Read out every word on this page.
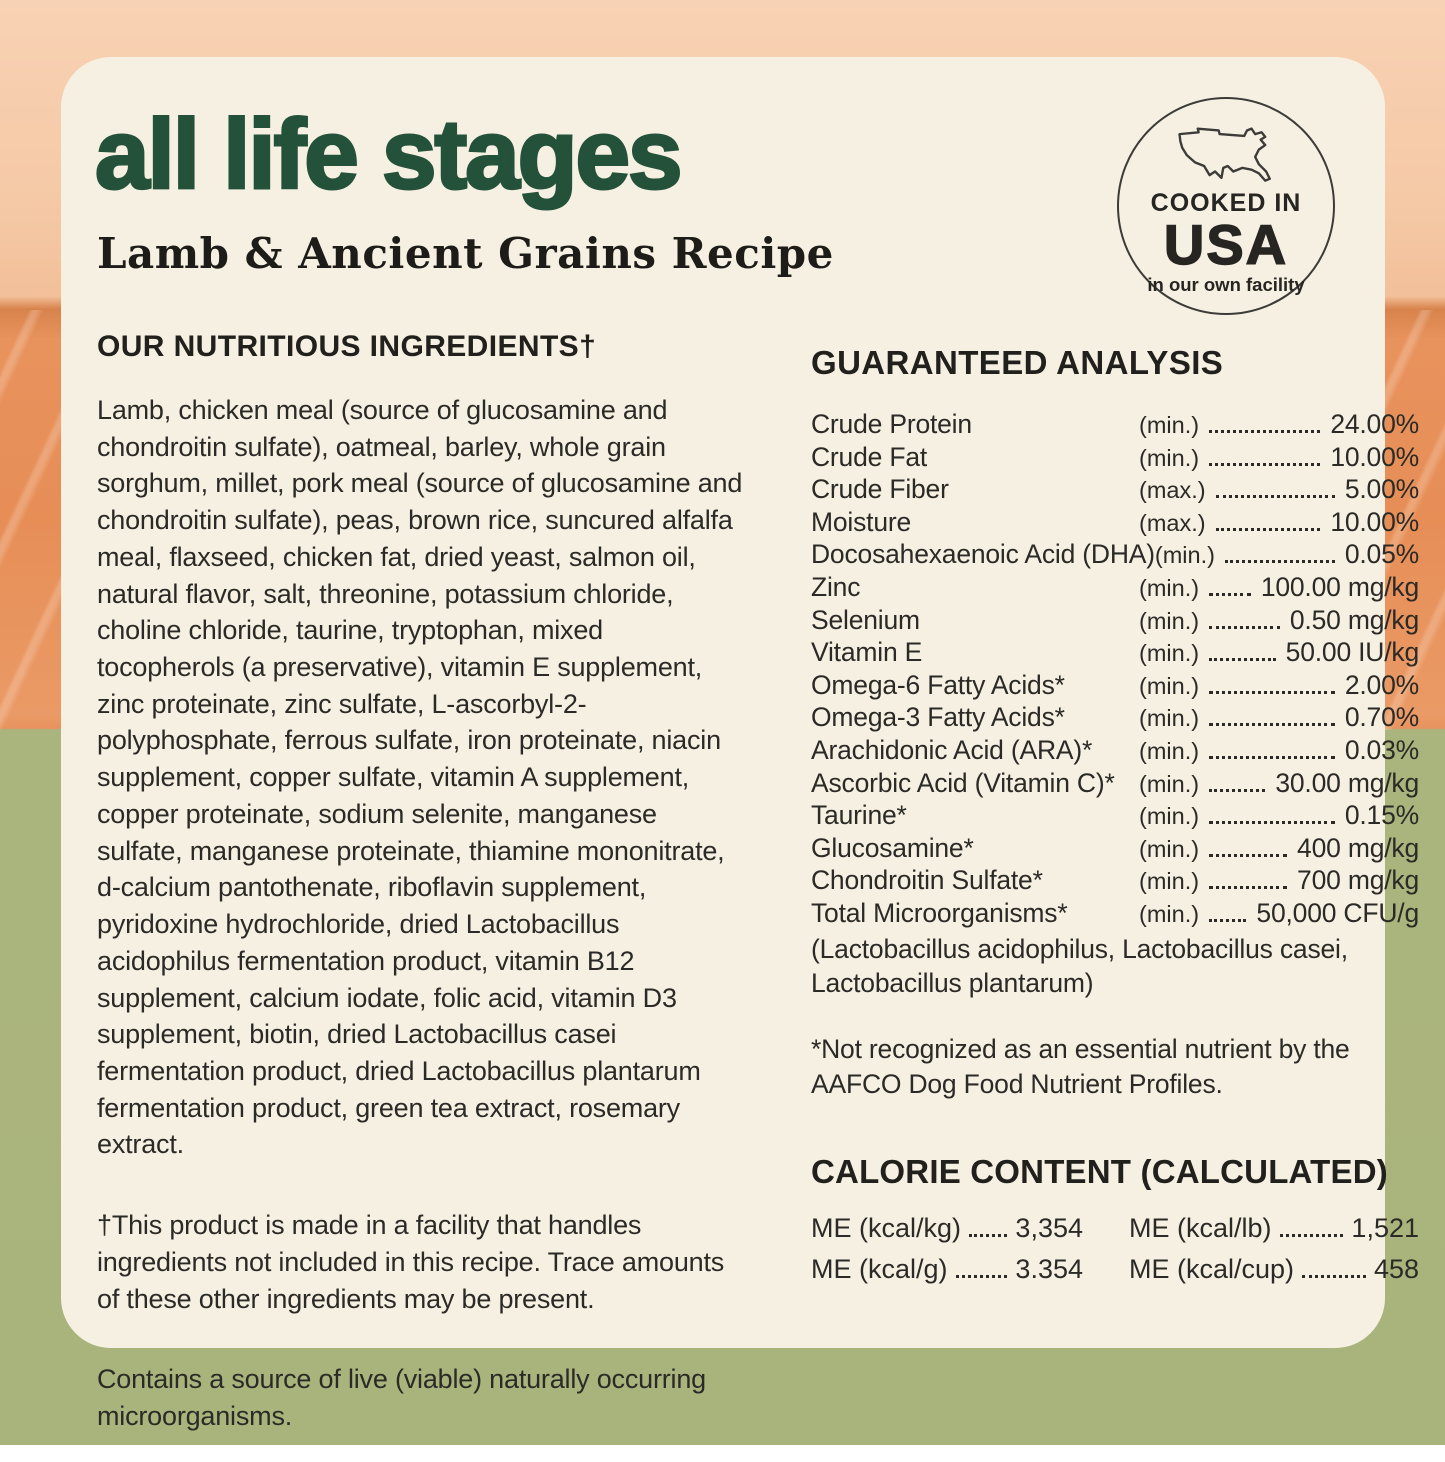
all life stages
Lamb & Ancient Grains Recipe
COOKED IN
USA
in our own facility
OUR NUTRITIOUS INGREDIENTS†

Lamb, chicken meal (source of glucosamine and chondroitin sulfate), oatmeal, barley, whole grain sorghum, millet, pork meal (source of glucosamine and chondroitin sulfate), peas, brown rice, suncured alfalfa meal, flaxseed, chicken fat, dried yeast, salmon oil, natural flavor, salt, threonine, potassium chloride, choline chloride, taurine, tryptophan, mixed tocopherols (a preservative), vitamin E supplement, zinc proteinate, zinc sulfate, L-ascorbyl-2-polyphosphate, ferrous sulfate, iron proteinate, niacin supplement, copper sulfate, vitamin A supplement, copper proteinate, sodium selenite, manganese sulfate, manganese proteinate, thiamine mononitrate, d-calcium pantothenate, riboflavin supplement, pyridoxine hydrochloride, dried Lactobacillus acidophilus fermentation product, vitamin B12 supplement, calcium iodate, folic acid, vitamin D3 supplement, biotin, dried Lactobacillus casei fermentation product, dried Lactobacillus plantarum fermentation product, green tea extract, rosemary extract.

†This product is made in a facility that handles ingredients not included in this recipe. Trace amounts of these other ingredients may be present.

Contains a source of live (viable) naturally occurring microorganisms.

GUARANTEED ANALYSIS
Crude Protein	(min.)	24.00%
Crude Fat	(min.)	10.00%
Crude Fiber	(max.)	5.00%
Moisture	(max.)	10.00%
Docosahexaenoic Acid (DHA) (min.)	0.05%
Zinc	(min.) 100.00 mg/kg
Selenium	(min.)	0.50 mg/kg
Vitamin E	(min.)	50.00 IU/kg
Omega-6 Fatty Acids*	(min.)	2.00%
Omega-3 Fatty Acids*	(min.)	0.70%
Arachidonic Acid (ARA)*	(min.)	0.03%
Ascorbic Acid (Vitamin C)*	(min.)	30.00 mg/kg
Taurine*	(min.)	0.15%
Glucosamine*	(min.)	400 mg/kg
Chondroitin Sulfate*	(min.)	700 mg/kg
Total Microorganisms*	(min.) 50,000 CFU/g
(Lactobacillus acidophilus, Lactobacillus casei, Lactobacillus plantarum)
*Not recognized as an essential nutrient by the AAFCO Dog Food Nutrient Profiles.
CALORIE CONTENT (CALCULATED)
ME (kcal/kg) 3,354 ME (kcal/lb)	1,521
ME (kcal/g)	3.354 ME (kcal/cup)	458
